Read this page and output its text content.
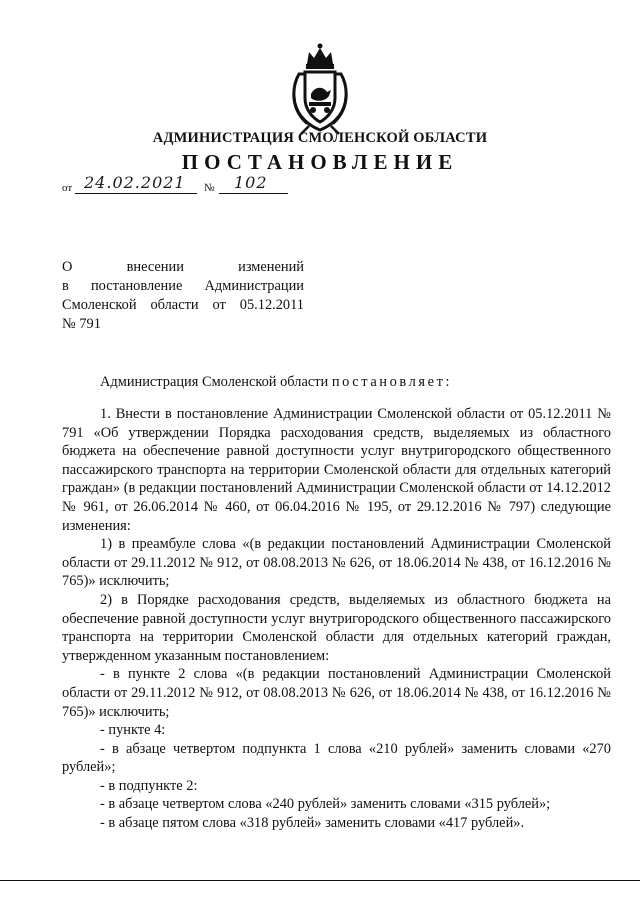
АДМИНИСТРАЦИЯ СМОЛЕНСКОЙ ОБЛАСТИ
ПОСТАНОВЛЕНИЕ
от 24.02.2021 № 102
О внесении изменений
в постановление Администрации
Смоленской области от 05.12.2011
№ 791
Администрация Смоленской области постановляет:
1. Внести в постановление Администрации Смоленской области от 05.12.2011 № 791 «Об утверждении Порядка расходования средств, выделяемых из областного бюджета на обеспечение равной доступности услуг внутригородского общественного пассажирского транспорта на территории Смоленской области для отдельных категорий граждан» (в редакции постановлений Администрации Смоленской области от 14.12.2012 № 961, от 26.06.2014 № 460, от 06.04.2016 № 195, от 29.12.2016 № 797) следующие изменения:
1) в преамбуле слова «(в редакции постановлений Администрации Смоленской области от 29.11.2012 № 912, от 08.08.2013 № 626, от 18.06.2014 № 438, от 16.12.2016 № 765)» исключить;
2) в Порядке расходования средств, выделяемых из областного бюджета на обеспечение равной доступности услуг внутригородского общественного пассажирского транспорта на территории Смоленской области для отдельных категорий граждан, утвержденном указанным постановлением:
- в пункте 2 слова «(в редакции постановлений Администрации Смоленской области от 29.11.2012 № 912, от 08.08.2013 № 626, от 18.06.2014 № 438, от 16.12.2016 № 765)» исключить;
- пункте 4:
- в абзаце четвертом подпункта 1 слова «210 рублей» заменить словами «270 рублей»;
- в подпункте 2:
- в абзаце четвертом слова «240 рублей» заменить словами «315 рублей»;
- в абзаце пятом слова «318 рублей» заменить словами «417 рублей».
